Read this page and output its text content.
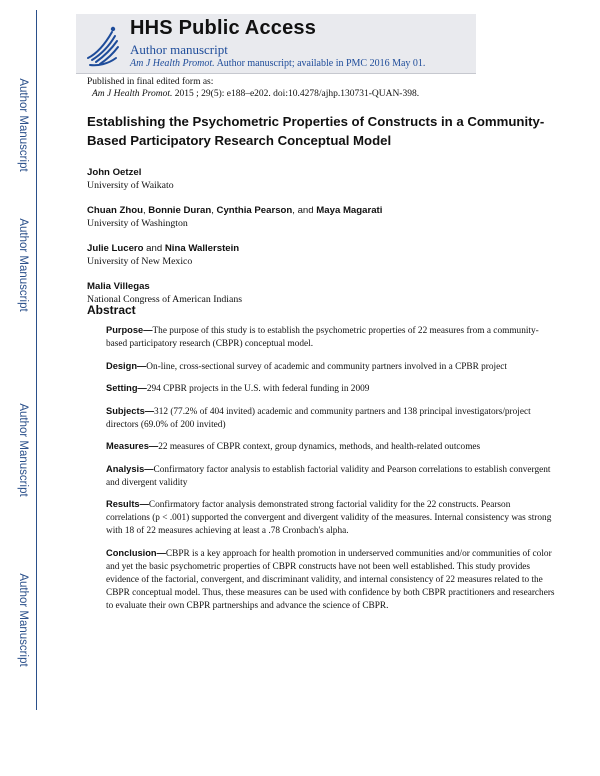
Author Manuscript
Author Manuscript
Author Manuscript
Author Manuscript
HHS Public Access
Author manuscript
Am J Health Promot. Author manuscript; available in PMC 2016 May 01.
Published in final edited form as:
Am J Health Promot. 2015 ; 29(5): e188–e202. doi:10.4278/ajhp.130731-QUAN-398.
Establishing the Psychometric Properties of Constructs in a Community-Based Participatory Research Conceptual Model
John Oetzel
University of Waikato
Chuan Zhou, Bonnie Duran, Cynthia Pearson, and Maya Magarati
University of Washington
Julie Lucero and Nina Wallerstein
University of New Mexico
Malia Villegas
National Congress of American Indians
Abstract

Purpose—The purpose of this study is to establish the psychometric properties of 22 measures from a community-based participatory research (CBPR) conceptual model.

Design—On-line, cross-sectional survey of academic and community partners involved in a CPBR project

Setting—294 CPBR projects in the U.S. with federal funding in 2009

Subjects—312 (77.2% of 404 invited) academic and community partners and 138 principal investigators/project directors (69.0% of 200 invited)

Measures—22 measures of CBPR context, group dynamics, methods, and health-related outcomes

Analysis—Confirmatory factor analysis to establish factorial validity and Pearson correlations to establish convergent and divergent validity

Results—Confirmatory factor analysis demonstrated strong factorial validity for the 22 constructs. Pearson correlations (p < .001) supported the convergent and divergent validity of the measures. Internal consistency was strong with 18 of 22 measures achieving at least a .78 Cronbach's alpha.

Conclusion—CBPR is a key approach for health promotion in underserved communities and/or communities of color and yet the basic psychometric properties of CBPR constructs have not been well established. This study provides evidence of the factorial, convergent, and discriminant validity, and internal consistency of 22 measures related to the CBPR conceptual model. Thus, these measures can be used with confidence by both CBPR practitioners and researchers to evaluate their own CBPR partnerships and advance the science of CBPR.
